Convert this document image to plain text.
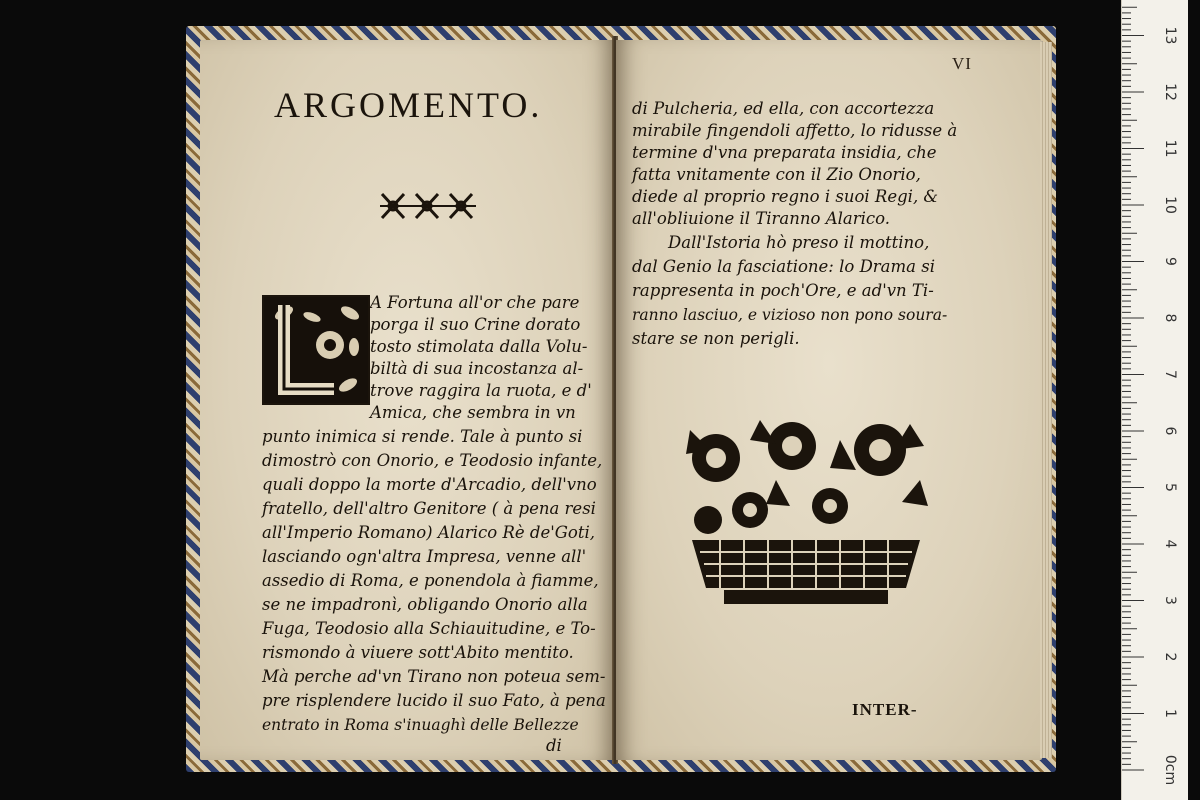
ARGOMENTO.

A Fortuna all'or che pare

porga il suo Crine dorato

tosto stimolata dalla Volu-

biltà di sua incostanza al-

trove raggira la ruota, e d'

Amica, che sembra in vn

punto inimica si rende. Tale à punto si

dimostrò con Onorio, e Teodosio infante,

quali doppo la morte d'Arcadio, dell'vno

fratello, dell'altro Genitore ( à pena resi

all'Imperio Romano) Alarico Rè de'Goti,

lasciando ogn'altra Impresa, venne all'

assedio di Roma, e ponendola à fiamme,

se ne impadronì, obligando Onorio alla

Fuga, Teodosio alla Schiauitudine, e To-

rismondo à viuere sott'Abito mentito.

Mà perche ad'vn Tirano non poteua sem-

pre risplendere lucido il suo Fato, à pena

entrato in Roma s'inuaghì delle Bellezze

di
VI

di Pulcheria, ed ella, con accortezza

mirabile fingendoli affetto, lo ridusse à

termine d'vna preparata insidia, che

fatta vnitamente con il Zio Onorio,

diede al proprio regno i suoi Regi, &

all'obliuione il Tiranno Alarico.

Dall'Istoria hò preso il mottino,

dal Genio la fasciatione: lo Drama si

rappresenta in poch'Ore, e ad'vn Ti-

ranno lasciuo, e vizioso non pono soura-

stare se non perigli.

INTER-
0cm
1
2
3
4
5
6
7
8
9
10
11
12
13
